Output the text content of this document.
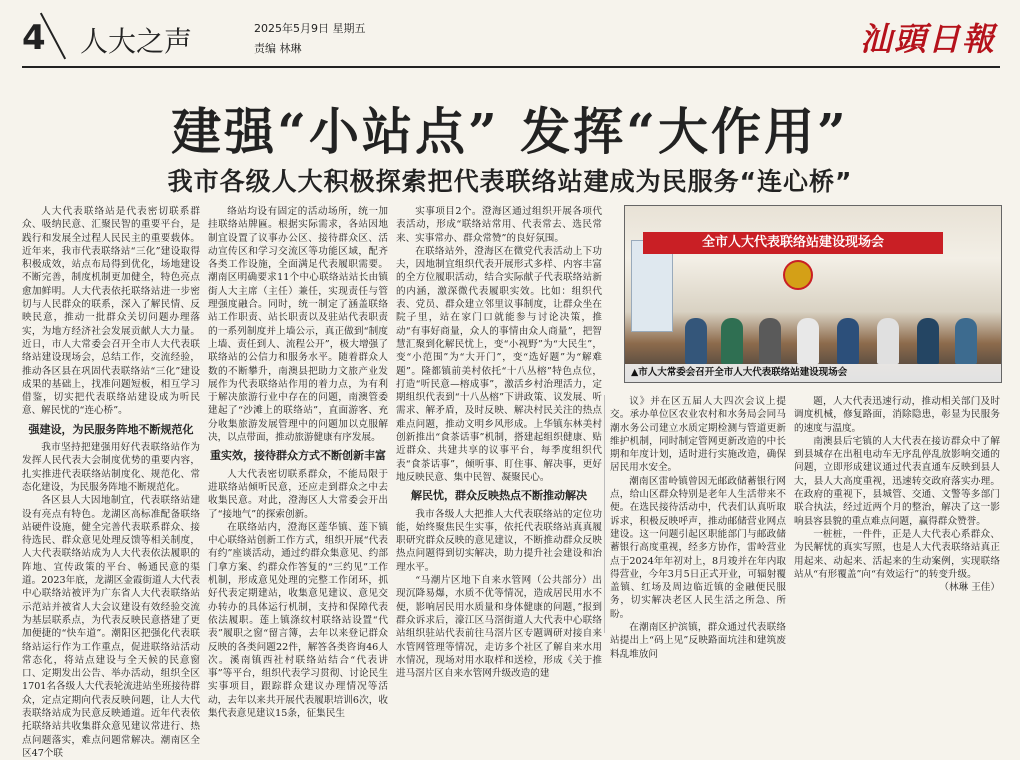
4 人大之声	2025年5月9日 星期五
责编 林琳	汕頭日報
建强“小站点” 发挥“大作用”
我市各级人大积极探索把代表联络站建成为民服务“连心桥”

人大代表联络站是代表密切联系群众、吸纳民意、汇聚民智的重要平台，是践行和发展全过程人民民主的重要载体。近年来，我市代表联络站“三化”建设取得积极成效，站点布局得到优化，场地建设不断完善，制度机制更加健全，特色亮点愈加鲜明。人大代表依托联络站进一步密切与人民群众的联系，深入了解民情、反映民意，推动一批群众关切问题办理落实，为地方经济社会发展贡献人大力量。近日，市人大常委会召开全市人大代表联络站建设现场会，总结工作，交流经验，推动各区县在巩固代表联络站“三化”建设成果的基础上，找准问题短板，相互学习借鉴，切实把代表联络站建设成为听民意、解民忧的“连心桥”。

强建设，为民服务阵地不断规范化

我市坚持把建强用好代表联络站作为发挥人民代表大会制度优势的重要内容，扎实推进代表联络站制度化、规范化、常态化建设，为民服务阵地不断规范化。

各区县人大因地制宜，代表联络站建设有亮点有特色。龙湖区高标准配备联络站硬件设施，健全完善代表联系群众、接待选民、群众意见处理反馈等相关制度，人大代表联络站成为人大代表依法履职的阵地、宣传政策的平台、畅通民意的渠道。2023年底，龙湖区金霞街道人大代表中心联络站被评为广东省人大代表联络站示范站并被省人大会议建设有效经验交流为基层联系点，为代表反映民意搭建了更加便捷的“快车道”。潮阳区把强化代表联络站运行作为工作重点，促进联络站活动常态化，将站点建设与全天候的民意窗口、定期发出公告、举办活动，组织全区1701名各级人大代表轮流进站坐班接待群众，定点定期向代表反映问题，让人大代表联络站成为民意反映通道。近年代表依托联络站共收集群众意见建议常进行、热点问题落实，难点问题常解决。潮南区全区47个联

络站均设有固定的活动场所，统一加挂联络站牌匾。根据实际需求，各站因地制宜设置了议事办公区、接待群众区、活动宣传区和学习交流区等功能区域，配齐各类工作设施，全面满足代表履职需要。潮南区明确要求11个中心联络站站长由镇街人大主席（主任）兼任，实现责任与管理强度融合。同时，统一制定了涵盖联络站工作职责、站长职责以及驻站代表职责的一系列制度并上墙公示，真正做到“制度上墙、责任到人、流程公开”，极大增强了联络站的公信力和服务水平。随着群众人数的不断攀升，南澳县把助力文旅产业发展作为代表联络站作用的着力点，为有利于解决旅游行业中存在的问题，南澳管委建起了“沙滩上的联络站”，直面游客、充分收集旅游发展管理中的问题加以克服解决，以点带面，推动旅游健康有序发展。

重实效，接待群众方式不断创新丰富

人大代表密切联系群众，不能局限于进联络站倾听民意，还应走到群众之中去收集民意。对此，澄海区人大常委会开出了“接地气”的探索创新。

在联络站内，澄海区莲华镇、莲下镇中心联络站创新工作方式，组织开展“代表有约”座谈活动，通过约群众集意见、约部门拿方案、约群众作答复的“三约见”工作机制，形成意见处理的完整工作闭环，抓好代表定期建站，收集意见建议、意见交办转办的具体运行机制，支持和保障代表依法履职。莲上镇涤纹村联络站设置“代表”履职之窗“留言簿，去年以来登记群众反映的各类问题22件，解答各类咨询46人次。溪南镇西社村联络站结合“代表讲事”等平台，组织代表学习贯彻、讨论民生实事项目，跟踪群众建议办理情况等活动，去年以来共开展代表履职培训6次，收集代表意见建议15条，征集民生

实事项目2个。澄海区通过组织开展各项代表活动，形成“联络站常用、代表常去、选民常来、实事常办、群众常赞”的良好氛围。

在联络站外，澄海区在微党代表活动上下功夫，因地制宜组织代表开展形式多样、内容丰富的全方位履职活动，结合实际献子代表联络站新的内涵，激深微代表履职实效。比如：组织代表、党员、群众建立邻里议事制度，让群众坐在院子里，站在家门口就能参与讨论决策，推动“有事好商量，众人的事情由众人商量”，把智慧汇聚到化解民忧上，变“小视野”为“大民生”，变“小范围”为“大开门”，变“选好题”为“解难题”。隆都镇前美村依托“十八丛榕”特色点位，打造“听民意—榕成事”，激活乡村治理活力，定期组织代表到“十八丛榕”下讲政策、议发展、听需求、解矛盾，及时反映、解决村民关注的热点难点问题，推动文明乡风形成。上华镇东林美村创新推出“食茶话事”机制，搭建起组织健康、贴近群众、共建共享的议事平台，每季度组织代表“食茶话事”，倾听事、盯住事、解决事，更好地反映民意、集中民智、凝聚民心。

解民忧，群众反映热点不断推动解决

我市各级人大把推人大代表联络站的定位功能，始终聚焦民生实事，依托代表联络站真真履职研究群众反映的意见建议，不断推动群众反映热点问题得到切实解决，助力提升社会建设和治理水平。

“马潮片区地下自来水管网（公共部分）出现沉降易爆，水质不优等情况，造成居民用水不便，影响居民用水质量和身体健康的问题，”报到群众诉求后，濠江区马滘街道人大代表中心联络站组织驻站代表前往马滘片区专题调研对接自来水管网管理等情况，走访多个社区了解自来水用水情况，现场对用水取样和送检，形成《关于推进马滘片区自来水管网升级改造的建

全市人大代表联络站建设现场会
▲市人大常委会召开全市人大代表联络站建设现场会

议》并在区五届人大四次会议上提交。承办单位区农业农村和水务局会同马潮水务公司建立水质定期检测与管道更新维护机制，同时制定管网更新改造的中长期和年度计划，适时进行实施改造，确保居民用水安全。

潮南区雷岭镇曾因无邮政储蓄银行网点，给山区群众特别是老年人生活带来不便。在选民接待活动中，代表们认真听取诉求，积极反映呼声，推动邮储营业网点建设。这一问题引起区职能部门与邮政储蓄银行高度重视，经多方协作，雷岭营业点于2024年年初对上，8月竣并在年内取得营业，今年3月5日正式开业，可辐射覆盖镇、红场及周边临近镇的金融便民服务，切实解决老区人民生活之所急、所盼。

在潮南区护滨镇，群众通过代表联络站提出上“码上见”反映路面坑洼和建筑废料乱堆放问

题，人大代表迅速行动，推动相关部门及时调度机械，修复路面，消除隐患，彰显为民服务的速度与温度。

南澳县后宅镇的人大代表在接访群众中了解到县城存在出租电动车无序乱停乱放影响交通的问题，立即形成建议通过代表直通车反映到县人大，县人大高度重视，迅速转交政府落实办理。在政府的重视下，县城管、交通、文警等多部门联合执法，经过近两个月的整治，解决了这一影响县容县貌的重点难点问题，赢得群众赞誉。

一桩桩，一件件，正是人大代表心系群众、为民解忧的真实写照，也是人大代表联络站真正用起来、动起来、活起来的生动案例，实现联络站从“有形覆盖”向“有效运行”的转变升级。

（林琳 王佳）
